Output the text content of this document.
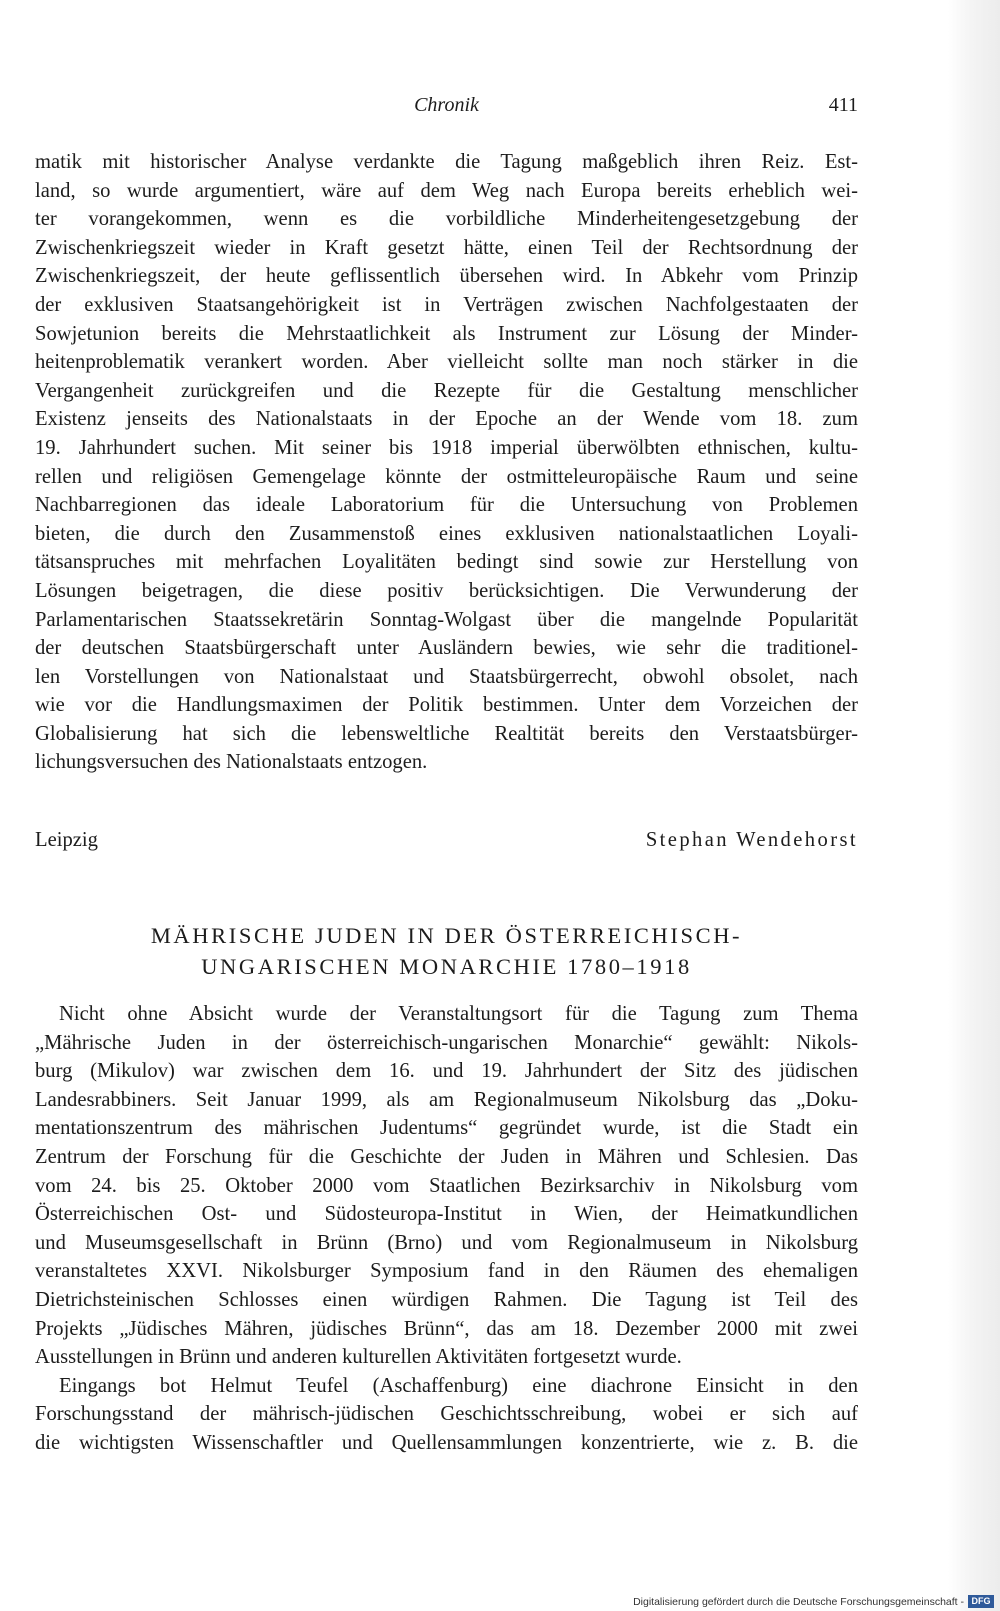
Chronik	411
matik mit historischer Analyse verdankte die Tagung maßgeblich ihren Reiz. Est-
land, so wurde argumentiert, wäre auf dem Weg nach Europa bereits erheblich wei-
ter vorangekommen, wenn es die vorbildliche Minderheitengesetzgebung der
Zwischenkriegszeit wieder in Kraft gesetzt hätte, einen Teil der Rechtsordnung der
Zwischenkriegszeit, der heute geflissentlich übersehen wird. In Abkehr vom Prinzip
der exklusiven Staatsangehörigkeit ist in Verträgen zwischen Nachfolgestaaten der
Sowjetunion bereits die Mehrstaatlichkeit als Instrument zur Lösung der Minder-
heitenproblematik verankert worden. Aber vielleicht sollte man noch stärker in die
Vergangenheit zurückgreifen und die Rezepte für die Gestaltung menschlicher
Existenz jenseits des Nationalstaats in der Epoche an der Wende vom 18. zum
19. Jahrhundert suchen. Mit seiner bis 1918 imperial überwölbten ethnischen, kultu-
rellen und religiösen Gemengelage könnte der ostmitteleuropäische Raum und seine
Nachbarregionen das ideale Laboratorium für die Untersuchung von Problemen
bieten, die durch den Zusammenstoß eines exklusiven nationalstaatlichen Loyali-
tätsanspruches mit mehrfachen Loyalitäten bedingt sind sowie zur Herstellung von
Lösungen beigetragen, die diese positiv berücksichtigen. Die Verwunderung der
Parlamentarischen Staatssekretärin Sonntag-Wolgast über die mangelnde Popularität
der deutschen Staatsbürgerschaft unter Ausländern bewies, wie sehr die traditionel-
len Vorstellungen von Nationalstaat und Staatsbürgerrecht, obwohl obsolet, nach
wie vor die Handlungsmaximen der Politik bestimmen. Unter dem Vorzeichen der
Globalisierung hat sich die lebensweltliche Realtität bereits den Verstaatsbürger-
lichungsversuchen des Nationalstaats entzogen.
Leipzig	Stephan Wendehorst
MÄHRISCHE JUDEN IN DER ÖSTERREICHISCH-
UNGARISCHEN MONARCHIE 1780–1918
Nicht ohne Absicht wurde der Veranstaltungsort für die Tagung zum Thema
„Mährische Juden in der österreichisch-ungarischen Monarchie“ gewählt: Nikols-
burg (Mikulov) war zwischen dem 16. und 19. Jahrhundert der Sitz des jüdischen
Landesrabbiners. Seit Januar 1999, als am Regionalmuseum Nikolsburg das „Doku-
mentationszentrum des mährischen Judentums“ gegründet wurde, ist die Stadt ein
Zentrum der Forschung für die Geschichte der Juden in Mähren und Schlesien. Das
vom 24. bis 25. Oktober 2000 vom Staatlichen Bezirksarchiv in Nikolsburg vom
Österreichischen Ost- und Südosteuropa-Institut in Wien, der Heimatkundlichen
und Museumsgesellschaft in Brünn (Brno) und vom Regionalmuseum in Nikolsburg
veranstaltetes XXVI. Nikolsburger Symposium fand in den Räumen des ehemaligen
Dietrichsteinischen Schlosses einen würdigen Rahmen. Die Tagung ist Teil des
Projekts „Jüdisches Mähren, jüdisches Brünn“, das am 18. Dezember 2000 mit zwei
Ausstellungen in Brünn und anderen kulturellen Aktivitäten fortgesetzt wurde.
Eingangs bot Helmut Teufel (Aschaffenburg) eine diachrone Einsicht in den
Forschungsstand der mährisch-jüdischen Geschichtsschreibung, wobei er sich auf
die wichtigsten Wissenschaftler und Quellensammlungen konzentrierte, wie z. B. die
Digitalisierung gefördert durch die Deutsche Forschungsgemeinschaft - DFG
